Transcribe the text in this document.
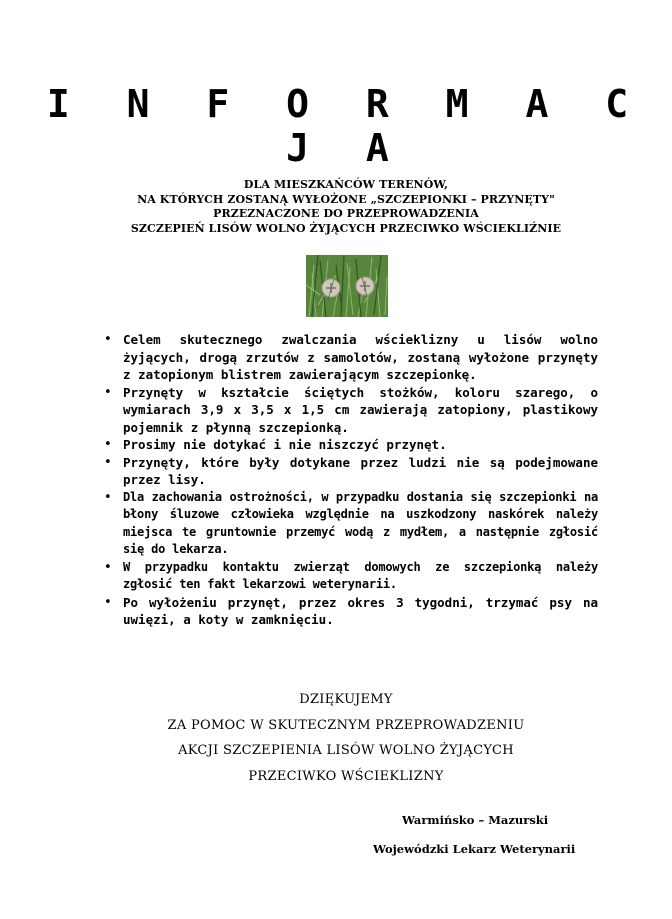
I N F O R M A C J A
DLA MIESZKAŃCÓW TERENÓW,
NA KTÓRYCH ZOSTANĄ WYŁOŻONE „SZCZEPIONKI – PRZYNĘTY"
PRZEZNACZONE DO PRZEPROWADZENIA
SZCZEPIEŃ LISÓW WOLNO ŻYJĄCYCH PRZECIWKO WŚCIEKLIŹNIE
• Celem skutecznego zwalczania wścieklizny u lisów wolno żyjących, drogą zrzutów z samolotów, zostaną wyłożone przynęty z zatopionym blistrem zawierającym szczepionkę.
• Przynęty w kształcie ściętych stożków, koloru szarego, o wymiarach 3,9 x 3,5 x 1,5 cm zawierają zatopiony, plastikowy pojemnik z płynną szczepionką.
• Prosimy nie dotykać i nie niszczyć przynęt.
• Przynęty, które były dotykane przez ludzi nie są podejmowane przez lisy.
• Dla zachowania ostrożności, w przypadku dostania się szczepionki na błony śluzowe człowieka względnie na uszkodzony naskórek należy miejsca te gruntownie przemyć wodą z mydłem, a następnie zgłosić się do lekarza.
• W przypadku kontaktu zwierząt domowych ze szczepionką należy zgłosić ten fakt lekarzowi weterynarii.
• Po wyłożeniu przynęt, przez okres 3 tygodni, trzymać psy na uwięzi, a koty w zamknięciu.
DZIĘKUJEMY
ZA POMOC W SKUTECZNYM PRZEPROWADZENIU
AKCJI SZCZEPIENIA LISÓW WOLNO ŻYJĄCYCH
PRZECIWKO WŚCIEKLIZNY
Warmińsko – Mazurski
Wojewódzki Lekarz Weterynarii
